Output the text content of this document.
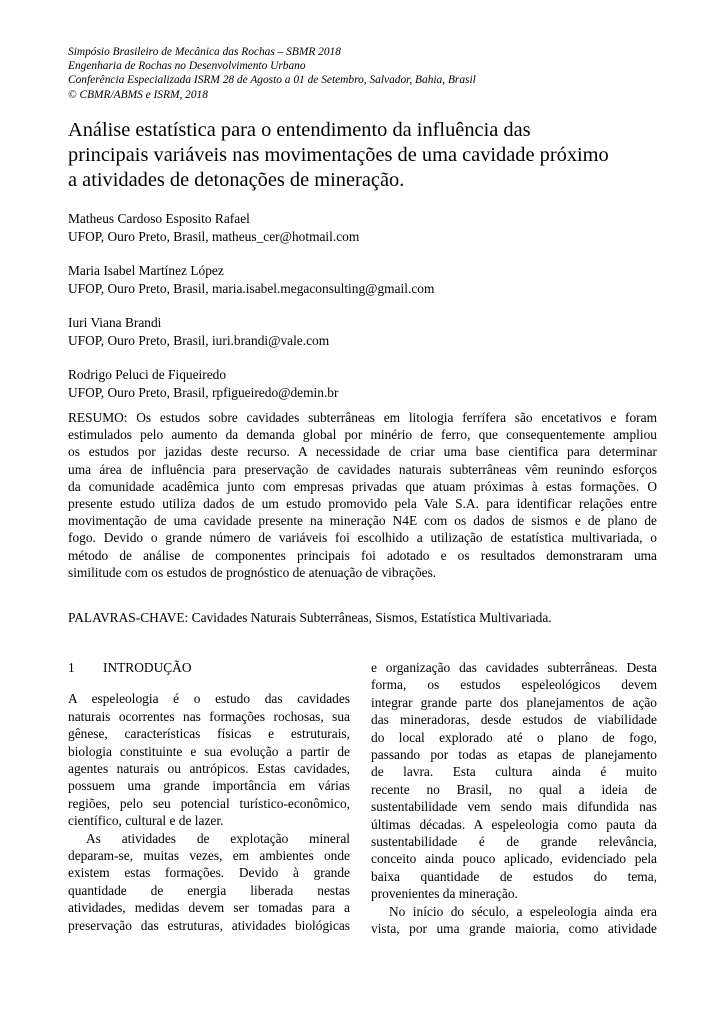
Simpósio Brasileiro de Mecânica das Rochas – SBMR 2018
Engenharia de Rochas no Desenvolvimento Urbano
Conferência Especializada ISRM 28 de Agosto a 01 de Setembro, Salvador, Bahia, Brasil
© CBMR/ABMS e ISRM, 2018
Análise estatística para o entendimento da influência das
principais variáveis nas movimentações de uma cavidade próximo
a atividades de detonações de mineração.
Matheus Cardoso Esposito Rafael
UFOP, Ouro Preto, Brasil, matheus_cer@hotmail.com
Maria Isabel Martínez López
UFOP, Ouro Preto, Brasil, maria.isabel.megaconsulting@gmail.com
Iuri Viana Brandi
UFOP, Ouro Preto, Brasil, iuri.brandi@vale.com
Rodrigo Peluci de Fiqueiredo
UFOP, Ouro Preto, Brasil, rpfigueiredo@demin.br
RESUMO: Os estudos sobre cavidades subterrâneas em litologia ferrífera são encetativos e foram
estimulados pelo aumento da demanda global por minério de ferro, que consequentemente ampliou
os estudos por jazidas deste recurso. A necessidade de criar uma base cientifica para determinar
uma área de influência para preservação de cavidades naturais subterrâneas vêm reunindo esforços
da comunidade acadêmica junto com empresas privadas que atuam próximas à estas formações. O
presente estudo utiliza dados de um estudo promovido pela Vale S.A. para identificar relações entre
movimentação de uma cavidade presente na mineração N4E com os dados de sismos e de plano de
fogo. Devido o grande número de variáveis foi escolhido a utilização de estatística multivariada, o
método de análise de componentes principais foi adotado e os resultados demonstraram uma
similitude com os estudos de prognóstico de atenuação de vibrações.
PALAVRAS-CHAVE: Cavidades Naturais Subterrâneas, Sismos, Estatística Multivariada.
1 INTRODUÇÃO
A espeleologia é o estudo das cavidades
naturais ocorrentes nas formações rochosas, sua
gênese, características físicas e estruturais,
biologia constituinte e sua evolução a partir de
agentes naturais ou antrópicos. Estas cavidades,
possuem uma grande importância em várias
regiões, pelo seu potencial turístico-econômico,
científico, cultural e de lazer.
As atividades de explotação mineral
deparam-se, muitas vezes, em ambientes onde
existem estas formações. Devido à grande
quantidade de energia liberada nestas
atividades, medidas devem ser tomadas para a
preservação das estruturas, atividades biológicas
e organização das cavidades subterrâneas. Desta
forma, os estudos espeleológicos devem
integrar grande parte dos planejamentos de ação
das mineradoras, desde estudos de viabilidade
do local explorado até o plano de fogo,
passando por todas as etapas de planejamento
de lavra. Esta cultura ainda é muito
recente no Brasil, no qual a ideia de
sustentabilidade vem sendo mais difundida nas
últimas décadas. A espeleologia como pauta da
sustentabilidade é de grande relevância,
conceito ainda pouco aplicado, evidenciado pela
baixa quantidade de estudos do tema,
provenientes da mineração.
No início do século, a espeleologia ainda era
vista, por uma grande maioria, como atividade
